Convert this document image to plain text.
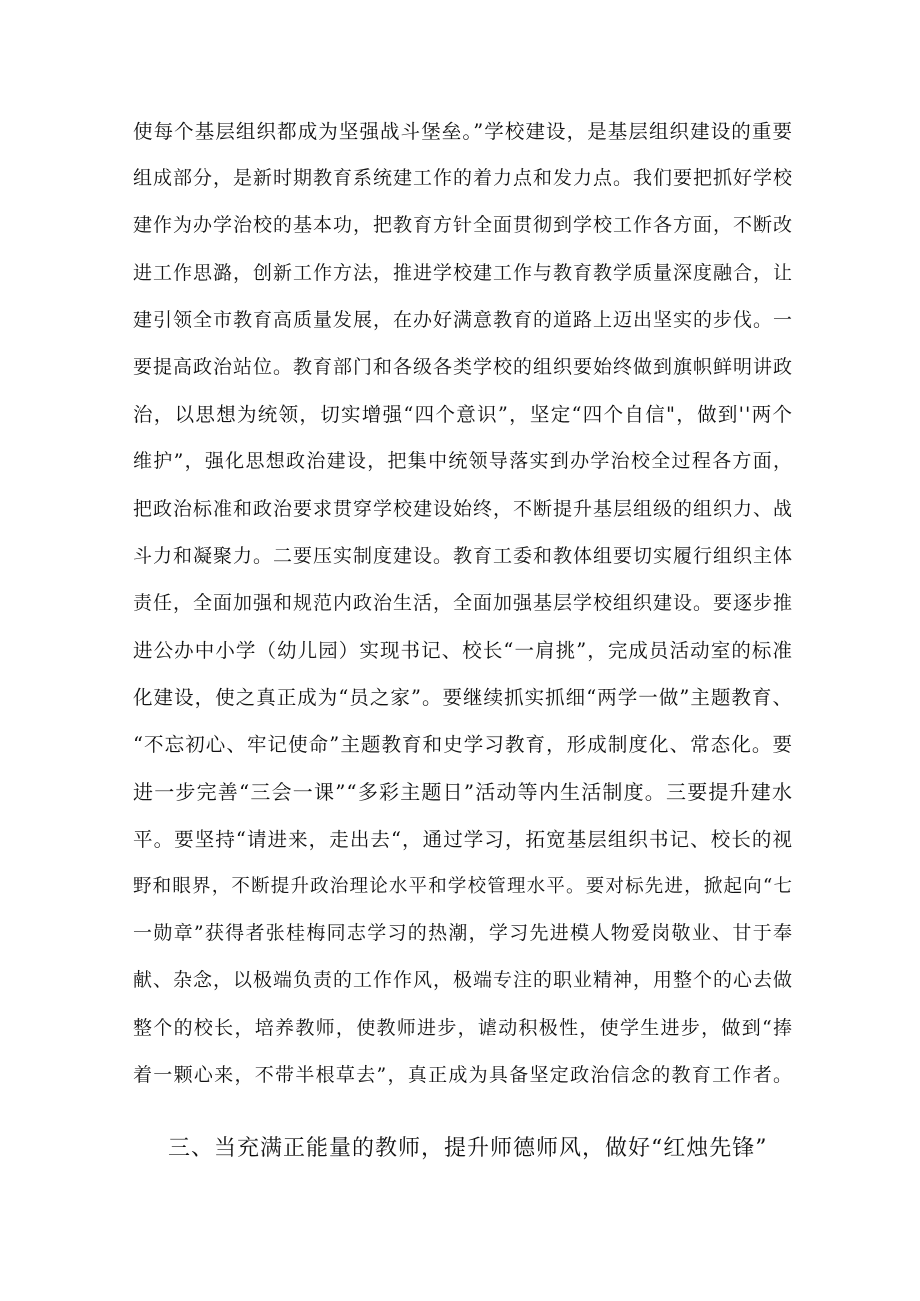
使每个基层组织都成为坚强战斗堡垒。”学校建设，是基层组织建设的重要
组成部分，是新时期教育系统建工作的着力点和发力点。我们要把抓好学校
建作为办学治校的基本功，把教育方针全面贯彻到学校工作各方面，不断改
进工作思潞，创新工作方法，推进学校建工作与教育教学质量深度融合，让
建引领全市教育高质量发展，在办好满意教育的道路上迈出坚实的步伐。一
要提高政治站位。教育部门和各级各类学校的组织要始终做到旗帜鲜明讲政
治，以思想为统领，切实增强“四个意识”，坚定“四个自信"，做到''两个
维护”，强化思想政治建设，把集中统领导落实到办学治校全过程各方面，
把政治标准和政治要求贯穿学校建设始终，不断提升基层组级的组织力、战
斗力和凝聚力。二要压实制度建设。教育工委和教体组要切实履行组织主体
责任，全面加强和规范内政治生活，全面加强基层学校组织建设。要逐步推
进公办中小学（幼儿园）实现书记、校长“一肩挑”，完成员活动室的标准
化建设，使之真正成为“员之家”。要继续抓实抓细“两学一做”主题教育、
“不忘初心、牢记使命”主题教育和史学习教育，形成制度化、常态化。要
进一步完善“三会一课”“多彩主题日”活动等内生活制度。三要提升建水
平。要坚持“请进来，走出去“，通过学习，拓宽基层组织书记、校长的视
野和眼界，不断提升政治理论水平和学校管理水平。要对标先进，掀起向“七
一勋章”获得者张桂梅同志学习的热潮，学习先进模人物爱岗敬业、甘于奉
献、杂念，以极端负责的工作作风，极端专注的职业精神，用整个的心去做
整个的校长，培养教师，使教师进步，谑动积极性，使学生进步，做到“捧
着一颗心来，不带半根草去”，真正成为具备坚定政治信念的教育工作者。
三、当充满正能量的教师，提升师德师风，做好“红烛先锋”
